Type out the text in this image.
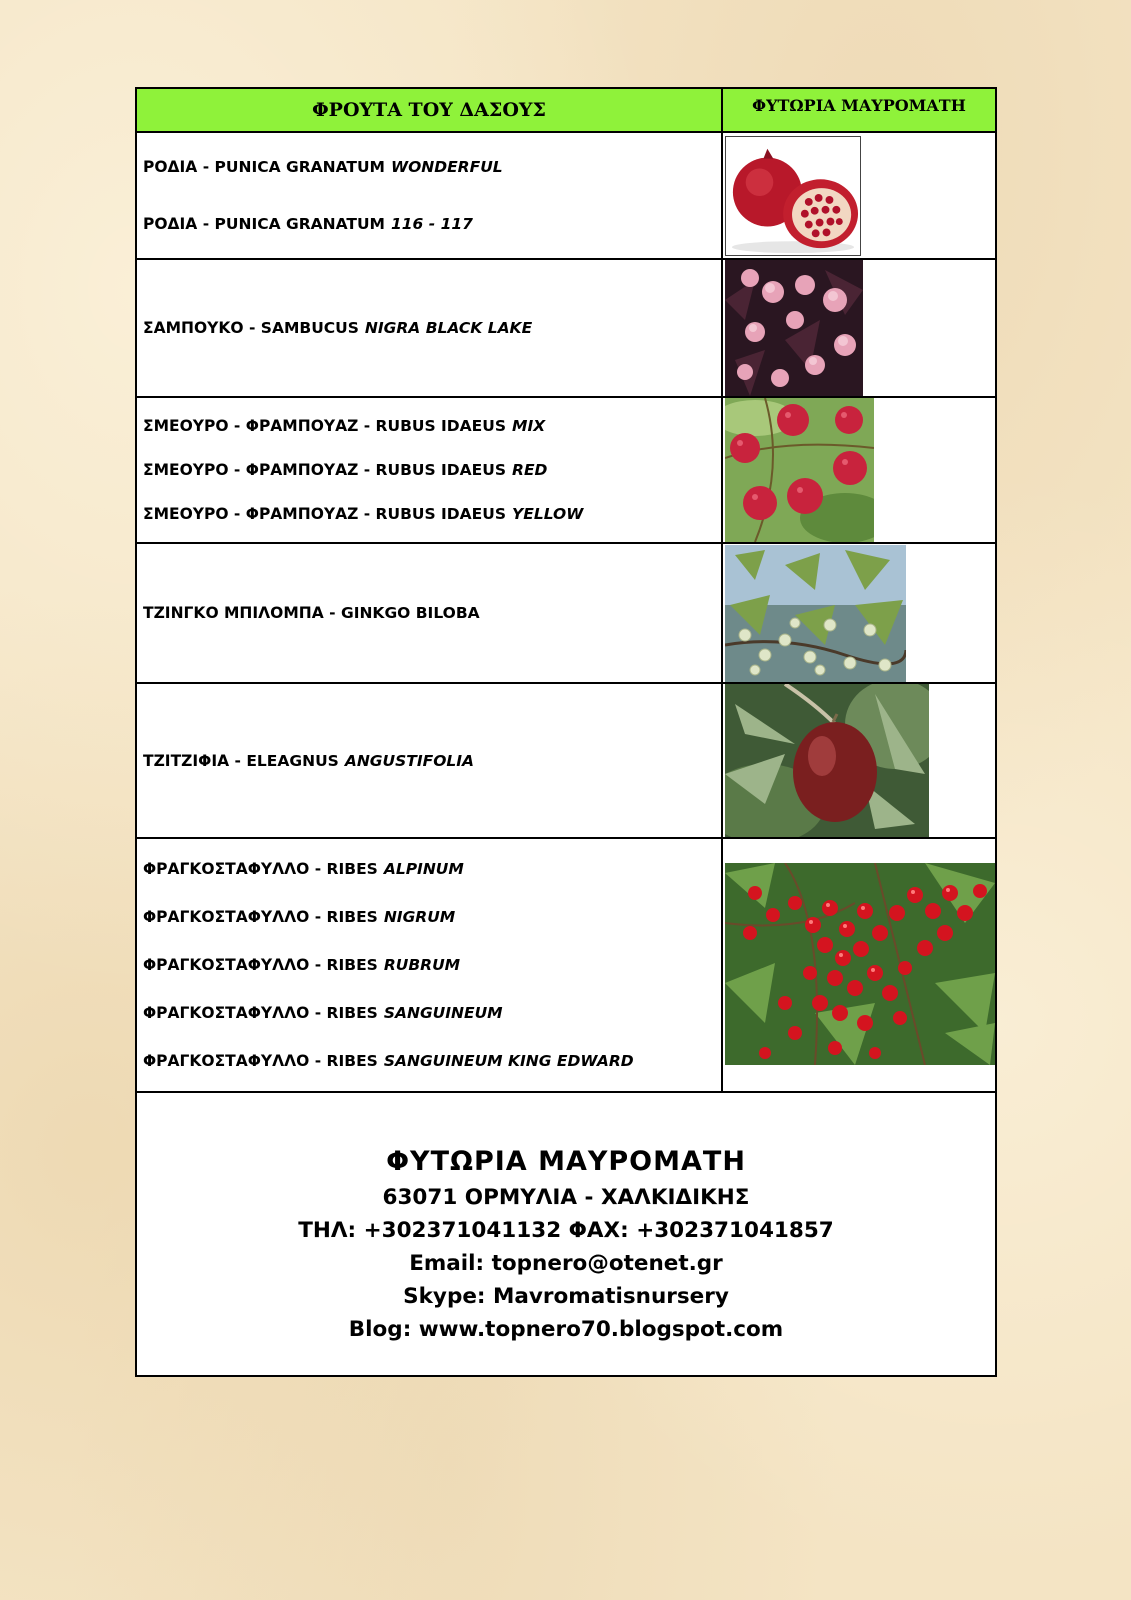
ΦΡΟΥΤΑ ΤΟΥ ΔΑΣΟΥΣ	ΦΥΤΩΡΙΑ ΜΑΥΡΟΜΑΤΗ
ΡΟΔΙΑ - PUNICA GRANATUM WONDERFUL
ΡΟΔΙΑ - PUNICA GRANATUM 116 - 117
ΣΑΜΠΟΥΚΟ - SAMBUCUS NIGRA BLACK LAKE
ΣΜΕΟΥΡΟ - ΦΡΑΜΠΟΥΑΖ - RUBUS IDAEUS MIX
ΣΜΕΟΥΡΟ - ΦΡΑΜΠΟΥΑΖ - RUBUS IDAEUS RED
ΣΜΕΟΥΡΟ - ΦΡΑΜΠΟΥΑΖ - RUBUS IDAEUS YELLOW
ΤΖΙΝΓΚΟ ΜΠΙΛΟΜΠΑ - GINKGO BILOBA
ΤΖΙΤΖΙΦΙΑ - ELEAGNUS ANGUSTIFOLIA
ΦΡΑΓΚΟΣΤΑΦΥΛΛΟ - RIBES ALPINUM
ΦΡΑΓΚΟΣΤΑΦΥΛΛΟ - RIBES NIGRUM
ΦΡΑΓΚΟΣΤΑΦΥΛΛΟ - RIBES RUBRUM
ΦΡΑΓΚΟΣΤΑΦΥΛΛΟ - RIBES SANGUINEUM
ΦΡΑΓΚΟΣΤΑΦΥΛΛΟ - RIBES SANGUINEUM KING EDWARD
ΦΥΤΩΡΙΑ ΜΑΥΡΟΜΑΤΗ
63071 ΟΡΜΥΛΙΑ - ΧΑΛΚΙΔΙΚΗΣ
ΤΗΛ: +302371041132 ΦΑΧ: +302371041857
Email: topnero@otenet.gr
Skype: Mavromatisnursery
Blog: www.topnero70.blogspot.com
